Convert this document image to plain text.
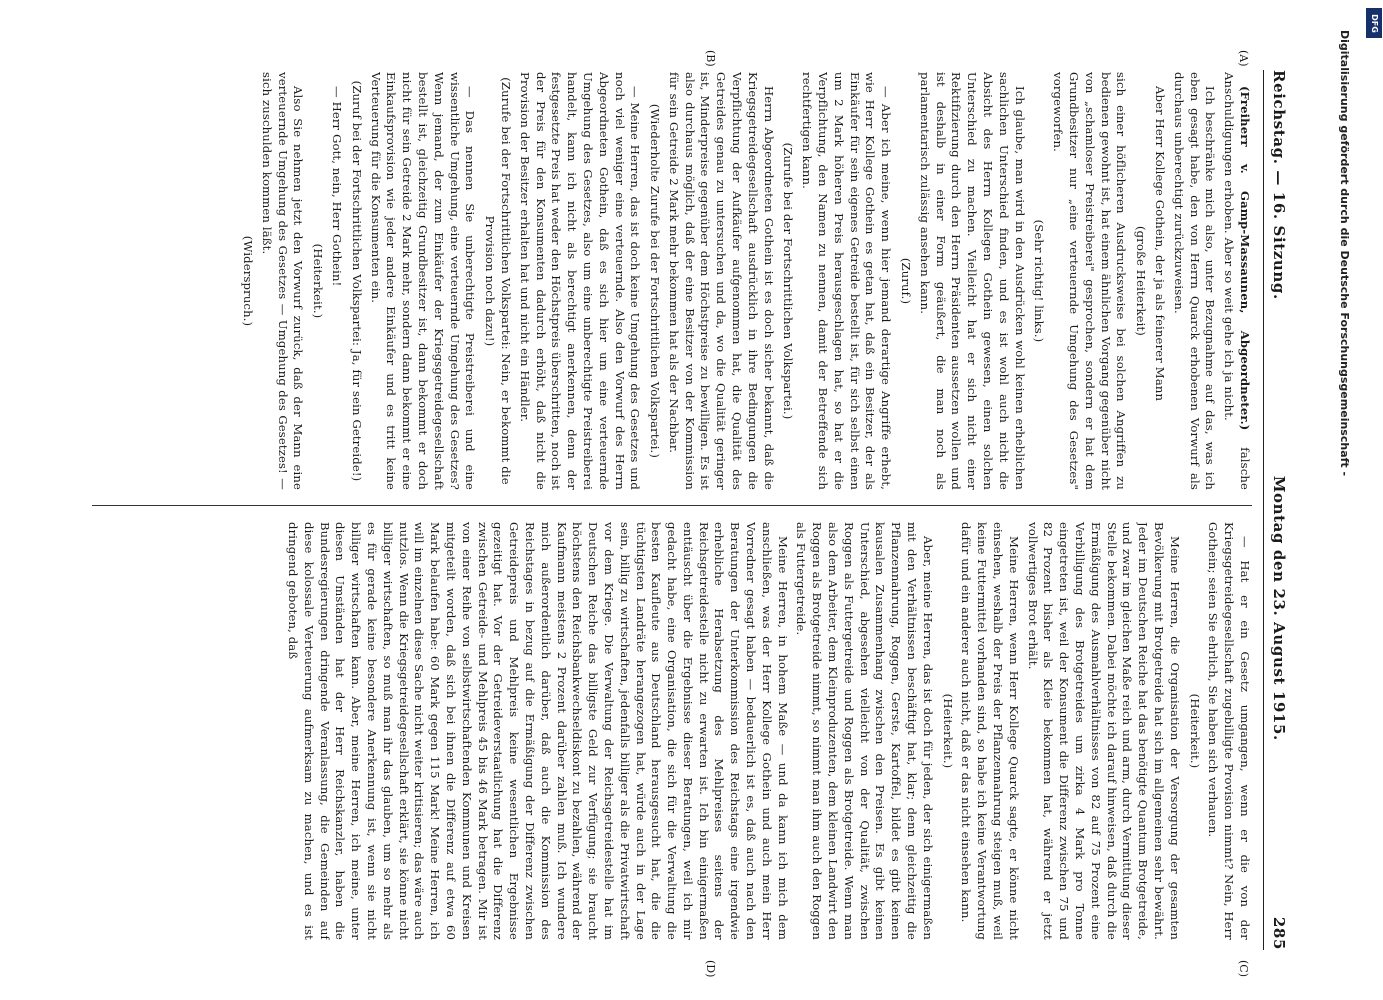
Reichstag. — 16. Sitzung.
Montag den 23. August 1915.
285
(A)
(B)
(C)
(D)

(Freiherr v. Gamp-Massaunen, Abgeordneter.) falsche Anschuldigungen erhoben. Aber so weit gehe ich ja nicht.

Ich beschränke mich also, unter Bezugnahme auf das, was ich eben gesagt habe, den von Herrn Quarck erhobenen Vorwurf als durchaus unberechtigt zurückzuweisen.

Aber Herr Kollege Gothein, der ja als feinerer Mann

(große Heiterkeit)

sich einer höflicheren Ausdrucksweise bei solchen Angriffen zu bedienen gewohnt ist, hat einem ähnlichen Vorgang gegenüber nicht von „schamloser Preistreiberei" gesprochen, sondern er hat dem Grundbesitzer nur „eine verteuernde Umgehung des Gesetzes" vorgeworfen.

(Sehr richtig! links.)

Ich glaube, man wird in den Ausdrücken wohl keinen erheblichen sachlichen Unterschied finden, und es ist wohl auch nicht die Absicht des Herrn Kollegen Gothein gewesen, einen solchen Unterschied zu machen. Vielleicht hat er sich nicht einer Rektifizierung durch den Herrn Präsidenten aussetzen wollen und ist deshalb in einer Form geäußert, die man noch als parlamentarisch zulässig ansehen kann.

(Zuruf.)

— Aber ich meine, wenn hier jemand derartige Angriffe erhebt, wie Herr Kollege Gothein es getan hat, daß ein Besitzer, der als Einkäufer für sein eigenes Getreide bestellt ist, für sich selbst einen um 2 Mark höheren Preis herausgeschlagen hat, so hat er die Verpflichtung, den Namen zu nennen, damit der Betreffende sich rechtfertigen kann.

(Zurufe bei der Fortschrittlichen Volkspartei.)

Herrn Abgeordneten Gothein ist es doch sicher bekannt, daß die Kriegsgetreidegesellschaft ausdrücklich in ihre Bedingungen die Verpflichtung der Aufkäufer aufgenommen hat, die Qualität des Getreides genau zu untersuchen und da, wo die Qualität geringer ist, Minderpreise gegenüber dem Höchstpreise zu bewilligen. Es ist also durchaus möglich, daß der eine Besitzer von der Kommission für sein Getreide 2 Mark mehr bekommen hat als der Nachbar.

(Wiederholte Zurufe bei der Fortschrittlichen Volkspartei.)

— Meine Herren, das ist doch keine Umgehung des Gesetzes und noch viel weniger eine verteuernde. Also den Vorwurf des Herrn Abgeordneten Gothein, daß es sich hier um eine verteuernde Umgehung des Gesetzes, also um eine unberechtigte Preistreiberei handelt, kann ich nicht als berechtigt anerkennen, denn der festgesetzte Preis hat weder den Höchstpreis überschritten, noch ist der Preis für den Konsumenten dadurch erhöht, daß nicht die Provision der Besitzer erhalten hat und nicht ein Händler.

(Zurufe bei der Fortschrittlichen Volkspartei: Nein, er bekommt die Provision noch dazu!)

— Das nennen Sie unberechtigte Preistreiberei und eine wissentliche Umgehung, eine verteuernde Umgehung des Gesetzes? Wenn jemand, der zum Einkäufer der Kriegsgetreidegesellschaft bestellt ist, gleichzeitig Grundbesitzer ist, dann bekommt er doch nicht für sein Getreide 2 Mark mehr, sondern dann bekommt er eine Einkaufsprovision wie jeder andere Einkäufer und es tritt keine Verteuerung für die Konsumenten ein.

(Zuruf bei der Fortschrittlichen Volkspartei: Ja, für sein Getreide!)

— Herr Gott, nein, Herr Gothein!

(Heiterkeit.)

Also Sie nehmen jetzt den Vorwurf zurück, daß der Mann eine verteuernde Umgehung des Gesetzes — Umgehung des Gesetzes! — sich zuschulden kommen läßt.

(Widerspruch.)

— Hat er ein Gesetz umgangen, wenn er die von der Kriegsgetreidegesellschaft zugebilligte Provision nimmt? Nein, Herr Gothein; seien Sie ehrlich, Sie haben sich verhauen.

(Heiterkeit.)

Meine Herren, die Organisation der Versorgung der gesamten Bevölkerung mit Brotgetreide hat sich im allgemeinen sehr bewährt. Jeder im Deutschen Reiche hat das benötigte Quantum Brotgetreide, und zwar im gleichen Maße reich und arm, durch Vermittlung dieser Stelle bekommen. Dabei möchte ich darauf hinweisen, daß durch die Ermäßigung des Ausmahlverhältnisses von 82 auf 75 Prozent eine Verbilligung des Brotgetreides um zirka 4 Mark pro Tonne eingetreten ist, weil der Konsument die Differenz zwischen 75 und 82 Prozent bisher als Kleie bekommen hat, während er jetzt vollwertiges Brot erhält.

Meine Herren, wenn Herr Kollege Quarck sagte, er könne nicht einsehen, weshalb der Preis der Pflanzennahrung steigen muß, weil keine Futtermittel vorhanden sind, so habe ich keine Verantwortung dafür und ein anderer auch nicht, daß er das nicht einsehen kann.

(Heiterkeit.)

Aber, meine Herren, das ist doch für jeden, der sich einigermaßen mit den Verhältnissen beschäftigt hat, klar; denn gleichzeitig die Pflanzennahrung, Roggen, Gerste, Kartoffel, bildet es gibt keinen kausalen Zusammenhang zwischen den Preisen. Es gibt keinen Unterschied, abgesehen vielleicht von der Qualität, zwischen Roggen als Futtergetreide und Roggen als Brotgetreide. Wenn man also dem Arbeiter, dem Kleinproduzenten, dem kleinen Landwirt den Roggen als Brotgetreide nimmt, so nimmt man ihm auch den Roggen als Futtergetreide.

Meine Herren, in hohem Maße — und da kann ich mich dem anschließen, was der Herr Kollege Gothein und auch mein Herr Vorredner gesagt haben — bedauerlich ist es, daß auch nach den Beratungen der Unterkommission des Reichstags eine irgendwie erhebliche Herabsetzung des Mehlpreises seitens der Reichsgetreidestelle nicht zu erwarten ist. Ich bin einigermaßen enttäuscht über die Ergebnisse dieser Beratungen, weil ich mir gedacht habe, eine Organisation, die sich für die Verwaltung die besten Kaufleute aus Deutschland herausgesucht hat, die die tüchtigsten Landräte herangezogen hat, würde auch in der Lage sein, billig zu wirtschaften, jedenfalls billiger als die Privatwirtschaft vor dem Kriege. Die Verwaltung der Reichsgetreidestelle hat im Deutschen Reiche das billigste Geld zur Verfügung; sie braucht höchstens den Reichsbankwechseldiskont zu bezahlen, während der Kaufmann meistens 2 Prozent darüber zahlen muß. Ich wundere mich außerordentlich darüber, daß auch die Kommission des Reichstages in bezug auf die Ermäßigung der Differenz zwischen Getreidepreis und Mehlpreis keine wesentlichen Ergebnisse gezeitigt hat. Vor der Getreideverstaatlichung hat die Differenz zwischen Getreide- und Mehlpreis 45 bis 46 Mark betragen. Mir ist von einer Reihe von selbstwirtschaftenden Kommunen und Kreisen mitgeteilt worden, daß sich bei ihnen die Differenz auf etwa 60 Mark belaufen habe: 60 Mark gegen 115 Mark! Meine Herren, ich will im einzelnen diese Sache nicht weiter kritisieren; das wäre auch nutzlos. Wenn die Kriegsgetreidegesellschaft erklärt, sie könne nicht billiger wirtschaften, so muß man ihr das glauben, um so mehr als es für gerade keine besondere Anerkennung ist, wenn sie nicht billiger wirtschaften kann. Aber, meine Herren, ich meine, unter diesen Umständen hat der Herr Reichskanzler, haben die Bundesregierungen dringende Veranlassung, die Gemeinden auf diese kolossale Verteuerung aufmerksam zu machen, und es ist dringend geboten, daß

Digitalisierung gefördert durch die Deutsche Forschungsgemeinschaft -
DFG
